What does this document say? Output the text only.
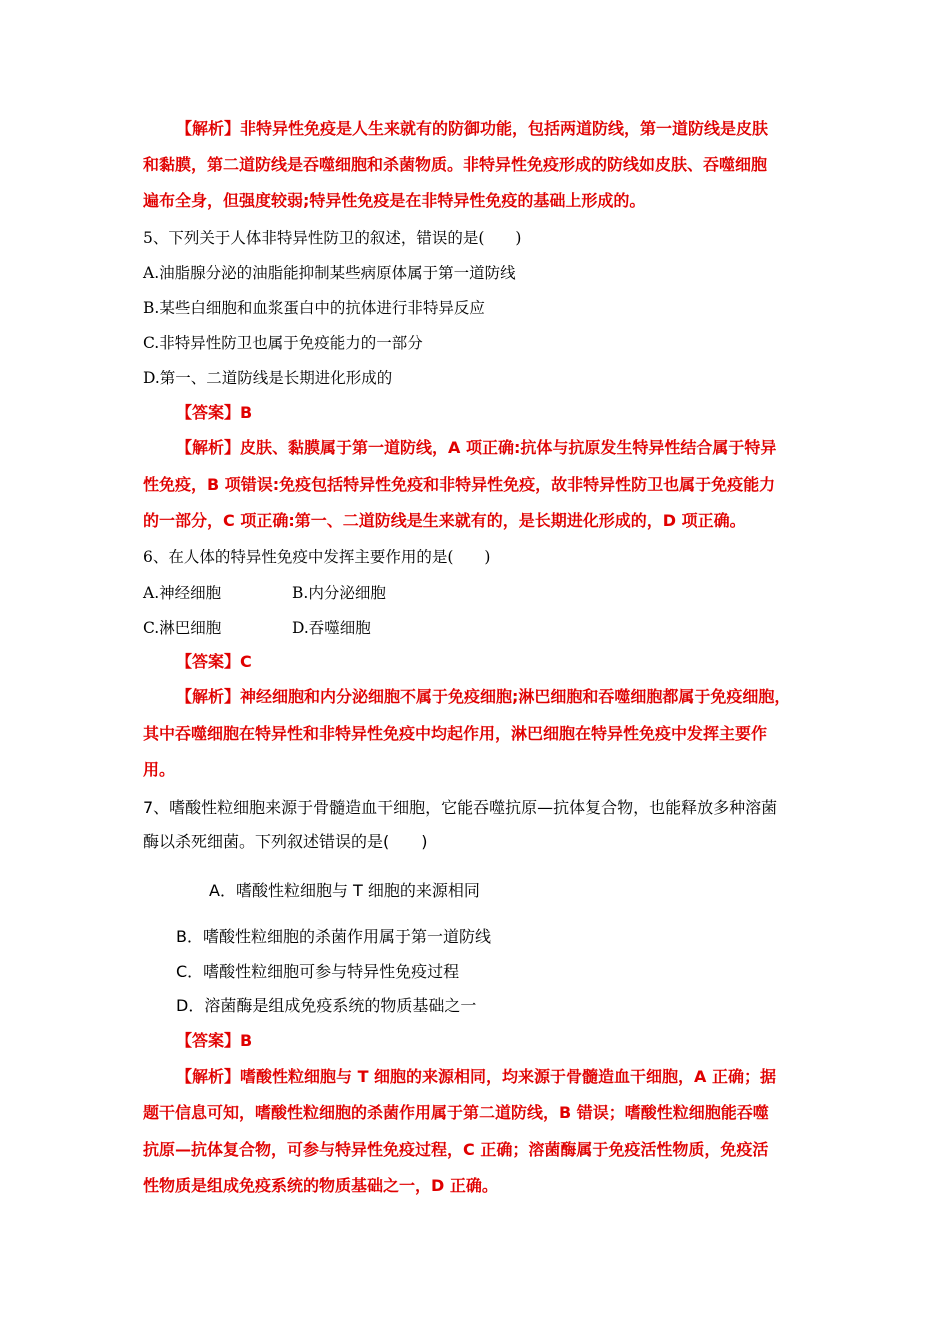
【解析】非特异性免疫是人生来就有的防御功能，包括两道防线，第一道防线是皮肤
和黏膜，第二道防线是吞噬细胞和杀菌物质。非特异性免疫形成的防线如皮肤、吞噬细胞
遍布全身，但强度较弱;特异性免疫是在非特异性免疫的基础上形成的。
5、下列关于人体非特异性防卫的叙述，错误的是(　　)
A.油脂腺分泌的油脂能抑制某些病原体属于第一道防线
B.某些白细胞和血浆蛋白中的抗体进行非特异反应
C.非特异性防卫也属于免疫能力的一部分
D.第一、二道防线是长期进化形成的
【答案】B
【解析】皮肤、黏膜属于第一道防线，A 项正确:抗体与抗原发生特异性结合属于特异
性免疫，B 项错误:免疫包括特异性免疫和非特异性免疫，故非特异性防卫也属于免疫能力
的一部分，C 项正确:第一、二道防线是生来就有的，是长期进化形成的，D 项正确。
6、在人体的特异性免疫中发挥主要作用的是(　　)
A.神经细胞	B.内分泌细胞
C.淋巴细胞	D.吞噬细胞
【答案】C
【解析】神经细胞和内分泌细胞不属于免疫细胞;淋巴细胞和吞噬细胞都属于免疫细胞，
其中吞噬细胞在特异性和非特异性免疫中均起作用，淋巴细胞在特异性免疫中发挥主要作
用。
7、嗜酸性粒细胞来源于骨髓造血干细胞，它能吞噬抗原—抗体复合物，也能释放多种溶菌
酶以杀死细菌。下列叙述错误的是(　　)
A．嗜酸性粒细胞与 T 细胞的来源相同
B．嗜酸性粒细胞的杀菌作用属于第一道防线
C．嗜酸性粒细胞可参与特异性免疫过程
D．溶菌酶是组成免疫系统的物质基础之一
【答案】B
【解析】嗜酸性粒细胞与 T 细胞的来源相同，均来源于骨髓造血干细胞，A 正确；据
题干信息可知，嗜酸性粒细胞的杀菌作用属于第二道防线，B 错误；嗜酸性粒细胞能吞噬
抗原—抗体复合物，可参与特异性免疫过程，C 正确；溶菌酶属于免疫活性物质，免疫活
性物质是组成免疫系统的物质基础之一，D 正确。
